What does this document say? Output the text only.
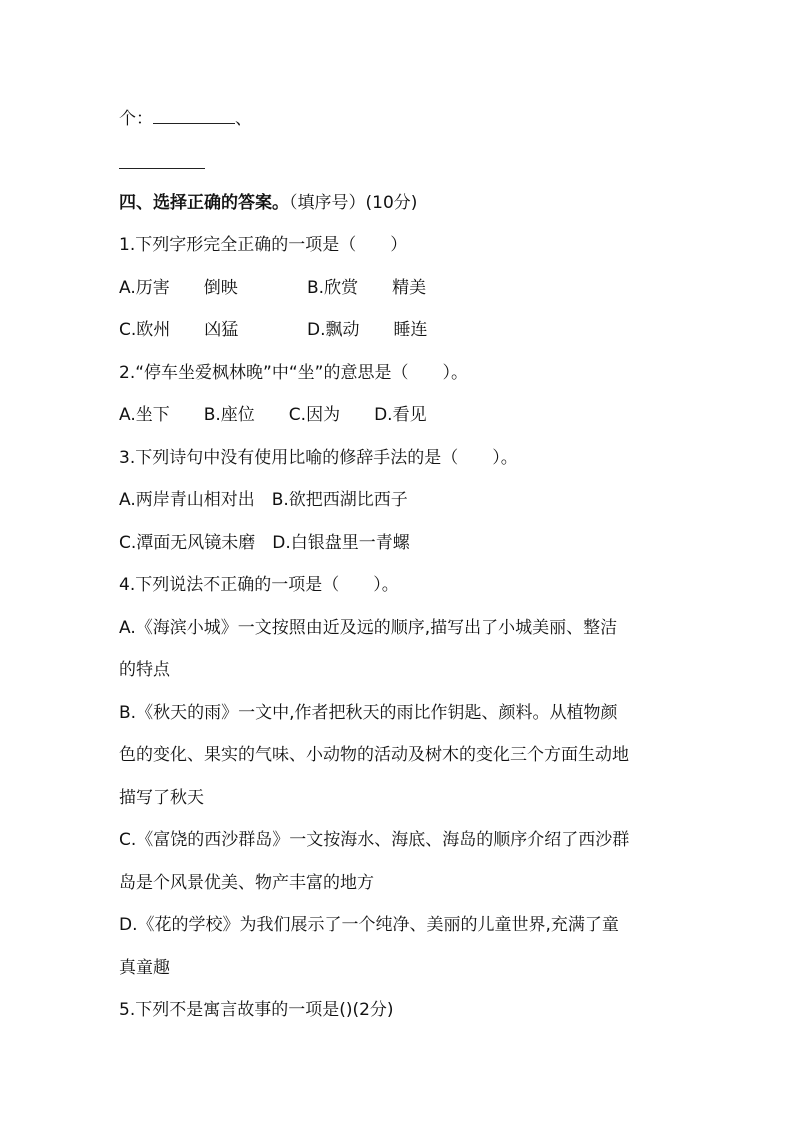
个：	、
四、选择正确的答案。（填序号）(10分)
1.下列字形完全正确的一项是（　　）
A.历害　　倒映	B.欣赏　　精美
C.欧州　　凶猛	D.飘动　　睡连
2.“停车坐爱枫林晚”中“坐”的意思是（　　）。
A.坐下　　B.座位　　C.因为　　D.看见
3.下列诗句中没有使用比喻的修辞手法的是（　　）。
A.两岸青山相对出　B.欲把西湖比西子
C.潭面无风镜未磨　D.白银盘里一青螺
4.下列说法不正确的一项是（　　）。
A.《海滨小城》一文按照由近及远的顺序,描写出了小城美丽、整洁
的特点
B.《秋天的雨》一文中,作者把秋天的雨比作钥匙、颜料。从植物颜
色的变化、果实的气味、小动物的活动及树木的变化三个方面生动地
描写了秋天
C.《富饶的西沙群岛》一文按海水、海底、海岛的顺序介绍了西沙群
岛是个风景优美、物产丰富的地方
D.《花的学校》为我们展示了一个纯净、美丽的儿童世界,充满了童
真童趣
5.下列不是寓言故事的一项是()(2分)
